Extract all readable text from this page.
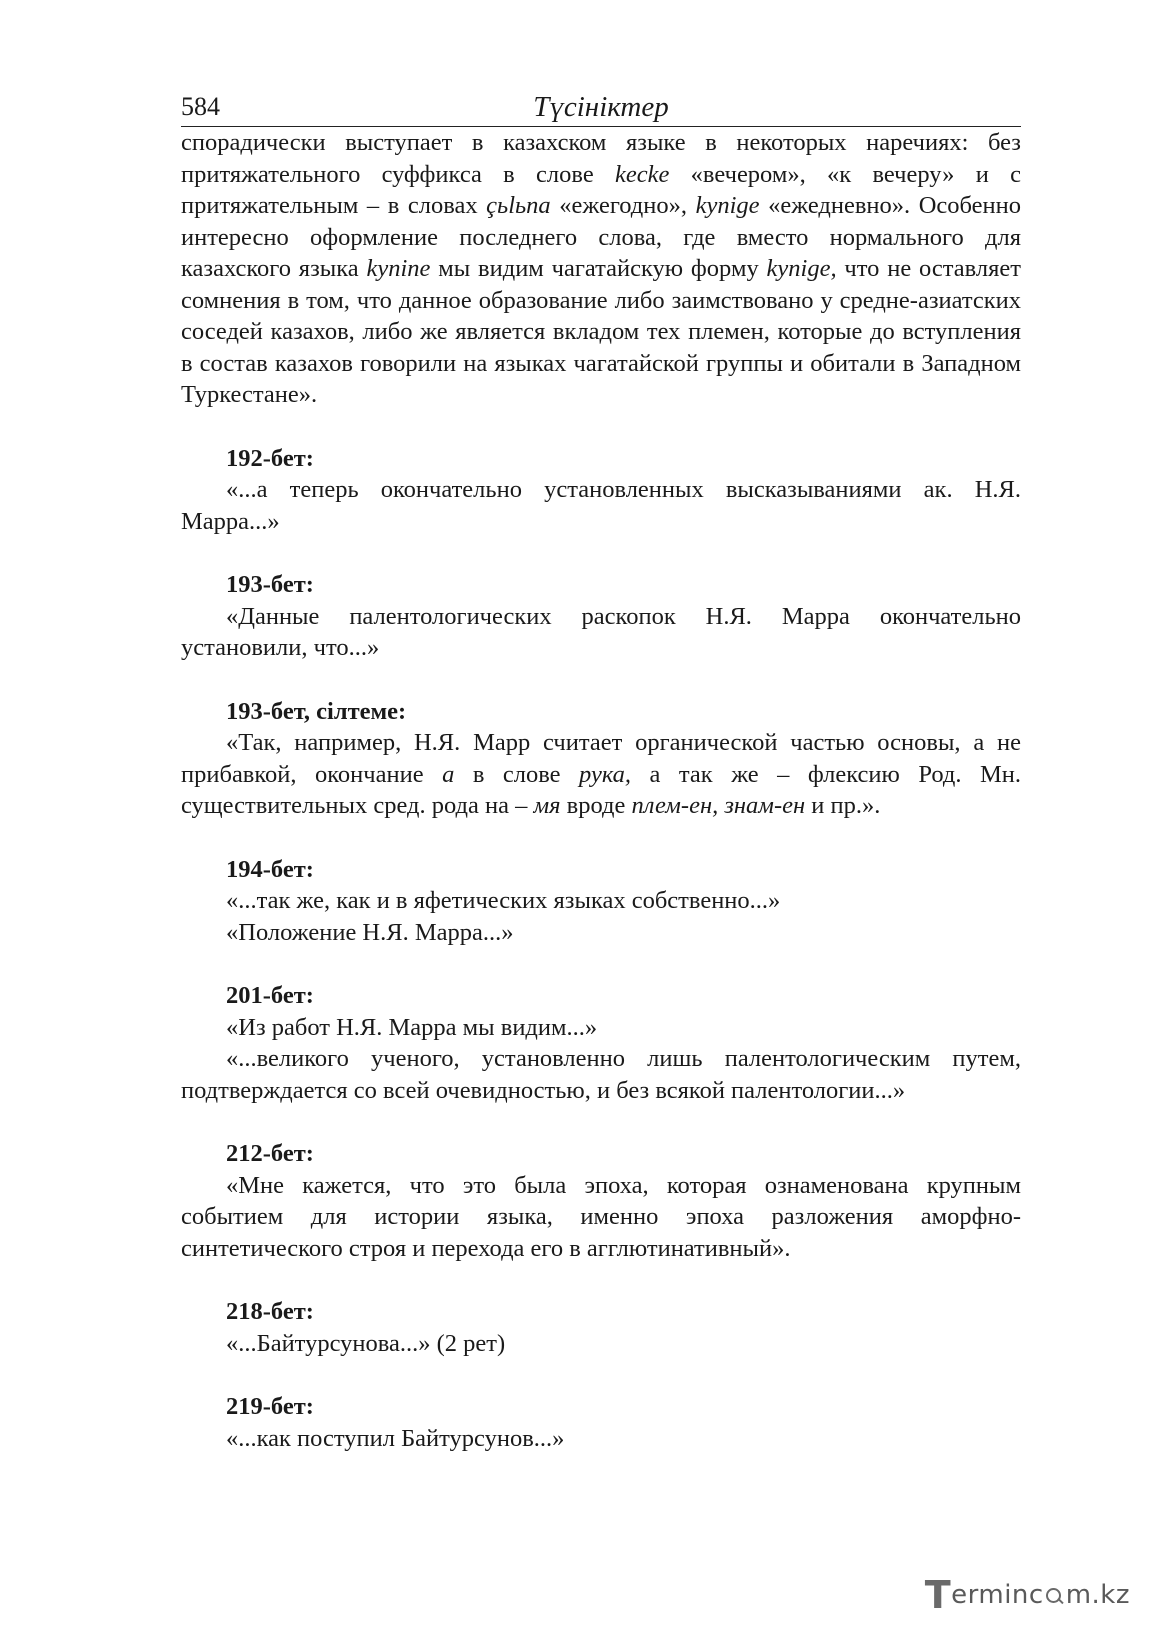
584	Түсініктер

спорадически выступает в казахском языке в некоторых наречиях: без притяжательного суффикса в слове kecke «вечером», «к вечеру» и с притяжательным – в словах çьlьna «ежегодно», kynige «ежедневно». Особенно интересно оформление последнего слова, где вместо нормального для казахского языка kynine мы видим чагатайскую форму kynige, что не оставляет сомнения в том, что данное образование либо заимствовано у средне-азиатских соседей казахов, либо же является вкладом тех племен, которые до вступления в состав казахов говорили на языках чагатайской группы и обитали в Западном Туркестане».

192-бет:

«...а теперь окончательно установленных высказываниями ак. Н.Я. Марра...»

193-бет:

«Данные палентологических раскопок Н.Я. Марра окончательно установили, что...»

193-бет, сілтеме:

«Так, например, Н.Я. Марр считает органической частью основы, а не прибавкой, окончание а в слове рука, а так же – флексию Род. Мн. существительных сред. рода на – мя вроде плем-ен, знам-ен и пр.».

194-бет:

«...так же, как и в яфетических языках собственно...»

«Положение Н.Я. Марра...»

201-бет:

«Из работ Н.Я. Марра мы видим...»

«...великого ученого, установленно лишь палентологическим путем, подтверждается со всей очевидностью, и без всякой палентологии...»

212-бет:

«Мне кажется, что это была эпоха, которая ознаменована крупным событием для истории языка, именно эпоха разложения аморфно-синтетического строя и перехода его в агглютинативный».

218-бет:

«...Байтурсунова...» (2 рет)

219-бет:

«...как поступил Байтурсунов...»

T erminc m.kz
